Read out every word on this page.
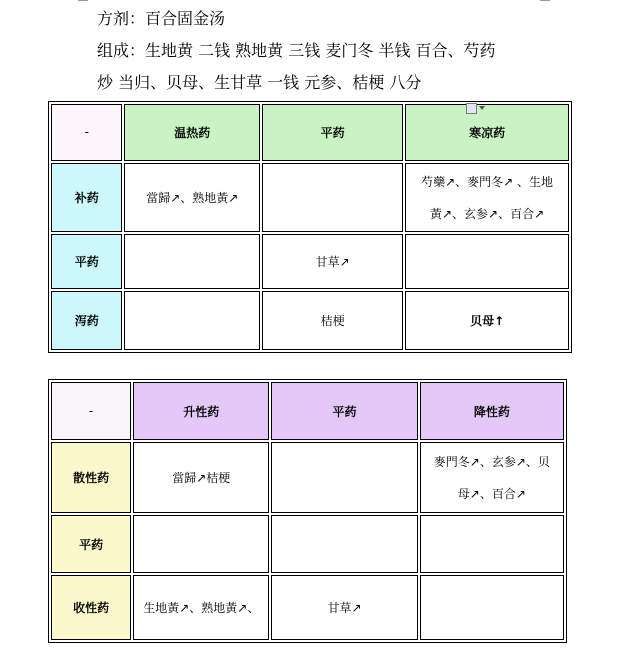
方剂：百合固金汤
组成：生地黄 二钱 熟地黄 三钱 麦门冬 半钱 百合、芍药
炒 当归、贝母、生甘草 一钱 元参、桔梗 八分
-	温热药	平药	寒凉药
补药	當歸↗、熟地黃↗		芍藥↗、麥門冬↗ 、生地
黃↗、玄参↗、百合↗

平药		甘草↗	
泻药		桔梗	贝母↑
-	升性药	平药	降性药
散性药	當歸↗桔梗		麥門冬↗、玄参↗、贝
母↗、百合↗

平药			
收性药	生地黃↗、熟地黃↗、	甘草↗	
